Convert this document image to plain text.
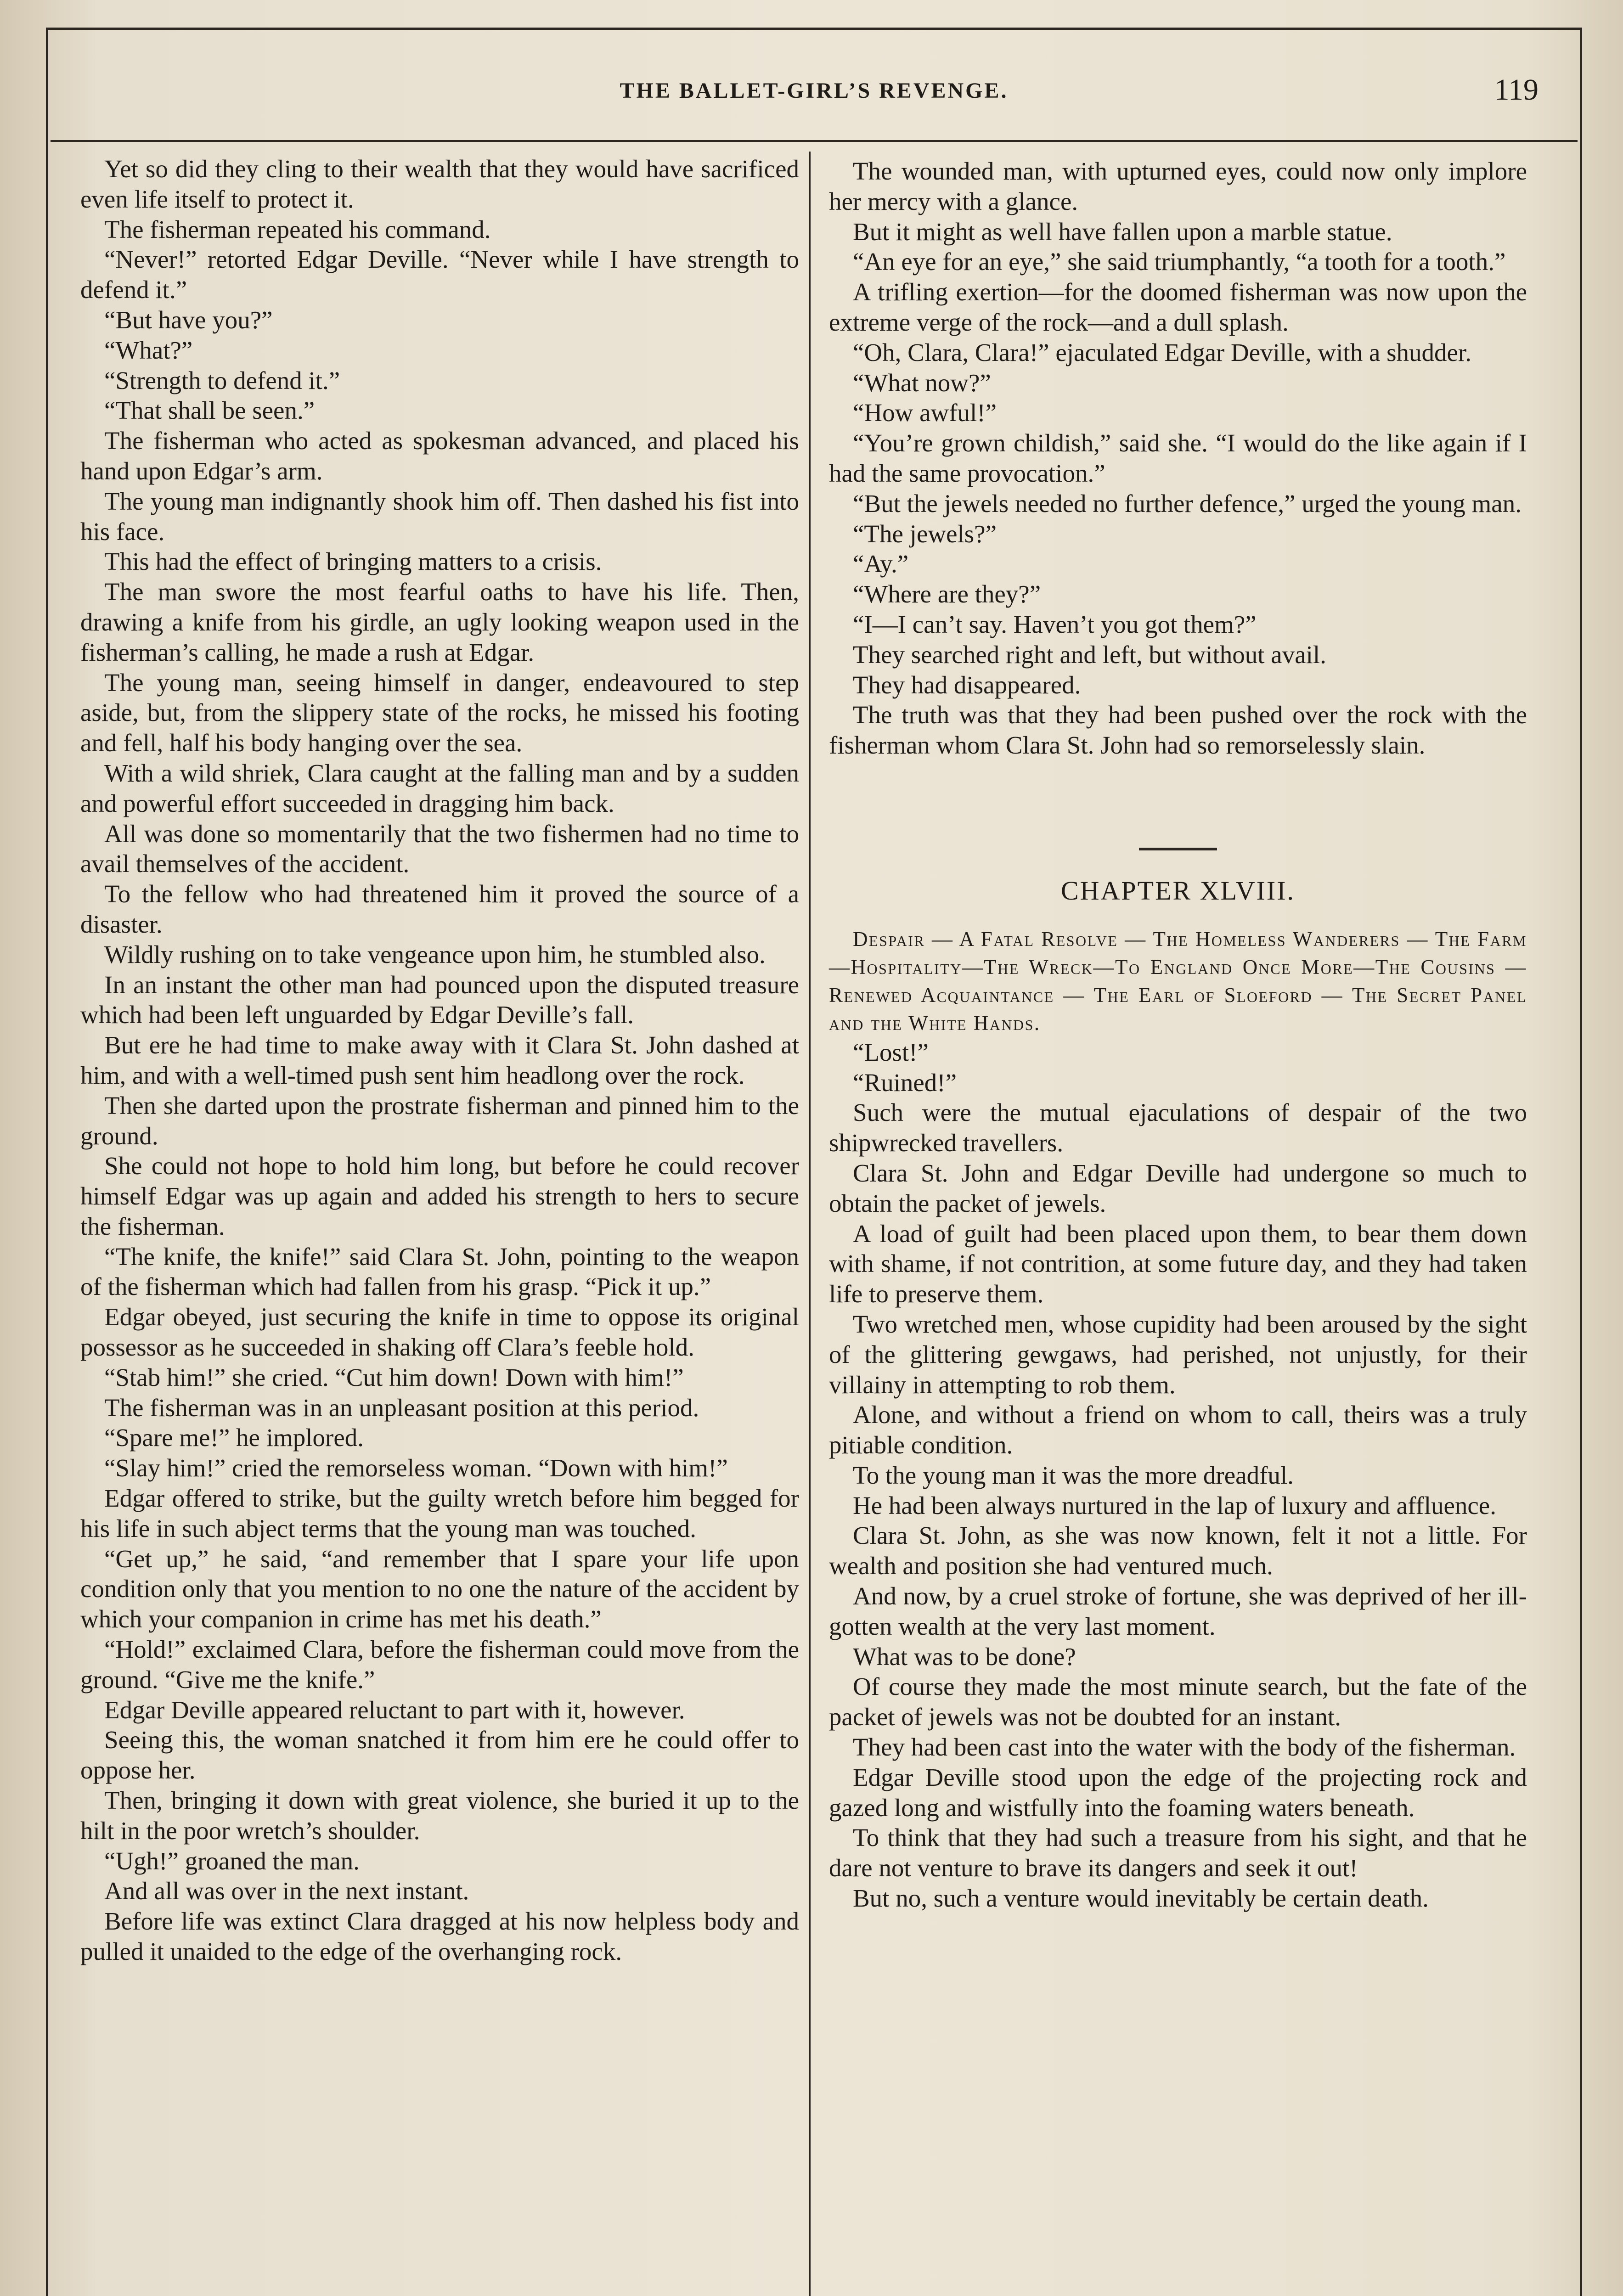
THE BALLET-GIRL’S REVENGE.	119

Yet so did they cling to their wealth that they would have sacrificed even life itself to protect it.

The fisherman repeated his command.

“Never!” retorted Edgar Deville. “Never while I have strength to defend it.”

“But have you?”

“What?”

“Strength to defend it.”

“That shall be seen.”

The fisherman who acted as spokesman advanced, and placed his hand upon Edgar’s arm.

The young man indignantly shook him off. Then dashed his fist into his face.

This had the effect of bringing matters to a crisis.

The man swore the most fearful oaths to have his life. Then, drawing a knife from his girdle, an ugly looking weapon used in the fisherman’s calling, he made a rush at Edgar.

The young man, seeing himself in danger, endeavoured to step aside, but, from the slippery state of the rocks, he missed his footing and fell, half his body hanging over the sea.

With a wild shriek, Clara caught at the falling man and by a sudden and powerful effort succeeded in dragging him back.

All was done so momentarily that the two fishermen had no time to avail themselves of the accident.

To the fellow who had threatened him it proved the source of a disaster.

Wildly rushing on to take vengeance upon him, he stumbled also.

In an instant the other man had pounced upon the disputed treasure which had been left unguarded by Edgar Deville’s fall.

But ere he had time to make away with it Clara St. John dashed at him, and with a well-timed push sent him headlong over the rock.

Then she darted upon the prostrate fisherman and pinned him to the ground.

She could not hope to hold him long, but before he could recover himself Edgar was up again and added his strength to hers to secure the fisherman.

“The knife, the knife!” said Clara St. John, pointing to the weapon of the fisherman which had fallen from his grasp. “Pick it up.”

Edgar obeyed, just securing the knife in time to oppose its original possessor as he succeeded in shaking off Clara’s feeble hold.

“Stab him!” she cried. “Cut him down! Down with him!”

The fisherman was in an unpleasant position at this period.

“Spare me!” he implored.

“Slay him!” cried the remorseless woman. “Down with him!”

Edgar offered to strike, but the guilty wretch before him begged for his life in such abject terms that the young man was touched.

“Get up,” he said, “and remember that I spare your life upon condition only that you mention to no one the nature of the accident by which your companion in crime has met his death.”

“Hold!” exclaimed Clara, before the fisherman could move from the ground. “Give me the knife.”

Edgar Deville appeared reluctant to part with it, however.

Seeing this, the woman snatched it from him ere he could offer to oppose her.

Then, bringing it down with great violence, she buried it up to the hilt in the poor wretch’s shoulder.

“Ugh!” groaned the man.

And all was over in the next instant.

Before life was extinct Clara dragged at his now helpless body and pulled it unaided to the edge of the overhanging rock.

The wounded man, with upturned eyes, could now only implore her mercy with a glance.

But it might as well have fallen upon a marble statue.

“An eye for an eye,” she said triumphantly, “a tooth for a tooth.”

A trifling exertion—for the doomed fisherman was now upon the extreme verge of the rock—and a dull splash.

“Oh, Clara, Clara!” ejaculated Edgar Deville, with a shudder.

“What now?”

“How awful!”

“You’re grown childish,” said she. “I would do the like again if I had the same provocation.”

“But the jewels needed no further defence,” urged the young man.

“The jewels?”

“Ay.”

“Where are they?”

“I—I can’t say. Haven’t you got them?”

They searched right and left, but without avail.

They had disappeared.

The truth was that they had been pushed over the rock with the fisherman whom Clara St. John had so remorselessly slain.

CHAPTER XLVIII.

Despair — A Fatal Resolve — The Homeless Wanderers — The Farm—Hospitality—The Wreck—To England Once More—The Cousins — Renewed Acquaintance — The Earl of Sloeford — The Secret Panel and the White Hands.

“Lost!”

“Ruined!”

Such were the mutual ejaculations of despair of the two shipwrecked travellers.

Clara St. John and Edgar Deville had undergone so much to obtain the packet of jewels.

A load of guilt had been placed upon them, to bear them down with shame, if not contrition, at some future day, and they had taken life to preserve them.

Two wretched men, whose cupidity had been aroused by the sight of the glittering gewgaws, had perished, not unjustly, for their villainy in attempting to rob them.

Alone, and without a friend on whom to call, theirs was a truly pitiable condition.

To the young man it was the more dreadful.

He had been always nurtured in the lap of luxury and affluence.

Clara St. John, as she was now known, felt it not a little. For wealth and position she had ventured much.

And now, by a cruel stroke of fortune, she was deprived of her ill-gotten wealth at the very last moment.

What was to be done?

Of course they made the most minute search, but the fate of the packet of jewels was not be doubted for an instant.

They had been cast into the water with the body of the fisherman.

Edgar Deville stood upon the edge of the projecting rock and gazed long and wistfully into the foaming waters beneath.

To think that they had such a treasure from his sight, and that he dare not venture to brave its dangers and seek it out!

But no, such a venture would inevitably be certain death.
